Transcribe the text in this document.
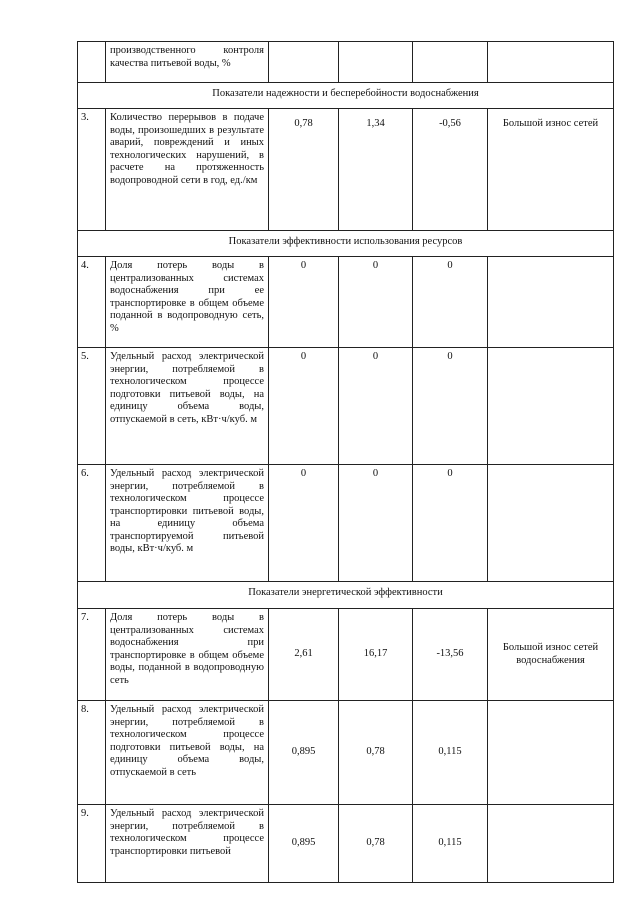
	производственного контроля качества питьевой воды, %				
Показатели надежности и бесперебойности водоснабжения					
3.	Количество перерывов в подаче воды, произошедших в результате аварий, повреждений и иных технологических нарушений, в расчете на протяженность водопроводной сети в год, ед./км	0,78	1,34	-0,56	Большой износ сетей
Показатели эффективности использования ресурсов					
4.	Доля потерь воды в централизованных системах водоснабжения при ее транспортировке в общем объеме поданной в водопроводную сеть, %	0	0	0	
5.	Удельный расход электрической энергии, потребляемой в технологическом процессе подготовки питьевой воды, на единицу объема воды, отпускаемой в сеть, кВт·ч/куб. м	0	0	0	
6.	Удельный расход электрической энергии, потребляемой в технологическом процессе транспортировки питьевой воды, на единицу объема транспортируемой питьевой воды, кВт·ч/куб. м	0	0	0	
Показатели энергетической эффективности					
7.	Доля потерь воды в централизованных системах водоснабжения при транспортировке в общем объеме воды, поданной в водопроводную сеть	2,61	16,17	-13,56	Большой износ сетей водоснабжения
8.	Удельный расход электрической энергии, потребляемой в технологическом процессе подготовки питьевой воды, на единицу объема воды, отпускаемой в сеть	0,895	0,78	0,115	
9.	Удельный расход электрической энергии, потребляемой в технологическом процессе транспортировки питьевой	0,895	0,78	0,115	
